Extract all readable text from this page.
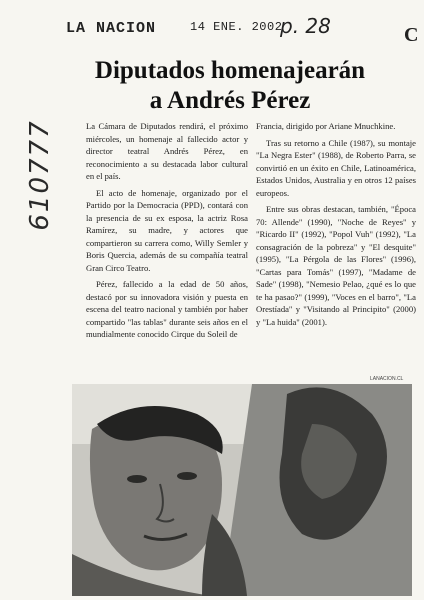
LA NACION	14 ENE. 2002
p. 28	C
610777
Diputados homenajearán
a Andrés Pérez

La Cámara de Diputados rendirá, el próximo miércoles, un homenaje al fallecido actor y director teatral Andrés Pérez, en reconocimiento a su destacada labor cultural en el país.

El acto de homenaje, organizado por el Partido por la Democracia (PPD), contará con la presencia de su ex esposa, la actriz Rosa Ramírez, su madre, y actores que compartieron su carrera como, Willy Semler y Boris Quercia, además de su compañía teatral Gran Circo Teatro.

Pérez, fallecido a la edad de 50 años, destacó por su innovadora visión y puesta en escena del teatro nacional y también por haber compartido "las tablas" durante seis años en el mundialmente conocido Cirque du Soleil de

Francia, dirigido por Ariane Mnuchkine.

Tras su retorno a Chile (1987), su montaje "La Negra Ester" (1988), de Roberto Parra, se convirtió en un éxito en Chile, Latinoamérica, Estados Unidos, Australia y en otros 12 países europeos.

Entre sus obras destacan, también, "Época 70: Allende" (1990), "Noche de Reyes" y "Ricardo II" (1992), "Popol Vuh" (1992), "La consagración de la pobreza" y "El desquite" (1995), "La Pérgola de las Flores" (1996), "Cartas para Tomás" (1997), "Madame de Sade" (1998), "Nemesio Pelao, ¿qué es lo que te ha pasao?" (1999), "Voces en el barro", "La Orestíada" y "Visitando al Principito" (2000) y "La huida" (2001).

LANACION.CL
